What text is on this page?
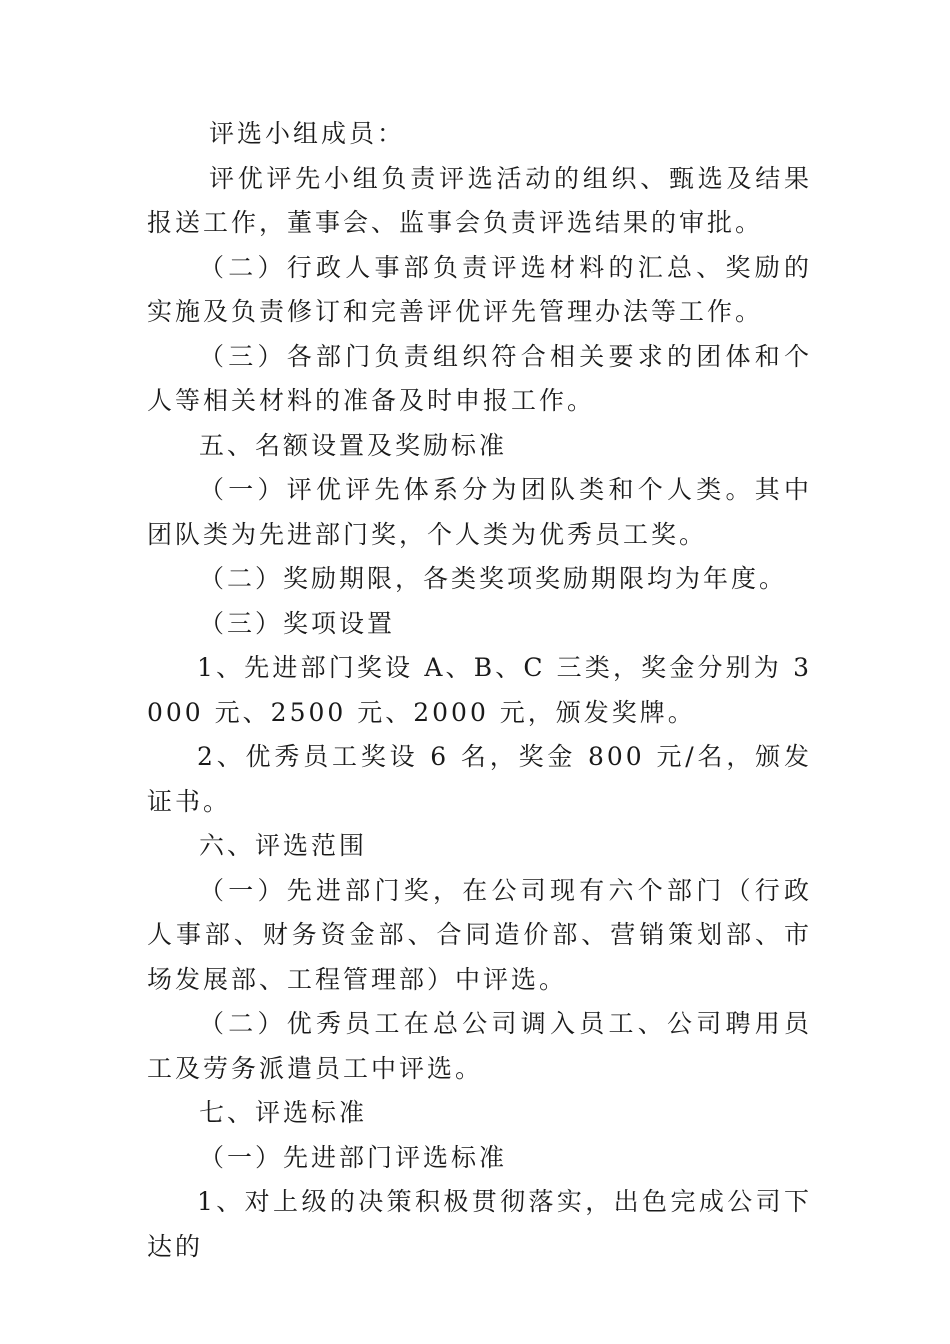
评选小组成员：

评优评先小组负责评选活动的组织、甄选及结果报送工作，董事会、监事会负责评选结果的审批。

（二）行政人事部负责评选材料的汇总、奖励的实施及负责修订和完善评优评先管理办法等工作。

（三）各部门负责组织符合相关要求的团体和个人等相关材料的准备及时申报工作。

五、名额设置及奖励标准

（一）评优评先体系分为团队类和个人类。其中团队类为先进部门奖，个人类为优秀员工奖。

（二）奖励期限，各类奖项奖励期限均为年度。

（三）奖项设置

1、先进部门奖设 A、B、C 三类，奖金分别为 3000 元、2500 元、2000 元，颁发奖牌。

2、优秀员工奖设 6 名，奖金 800 元/名，颁发证书。

六、评选范围

（一）先进部门奖，在公司现有六个部门（行政人事部、财务资金部、合同造价部、营销策划部、市场发展部、工程管理部）中评选。

（二）优秀员工在总公司调入员工、公司聘用员工及劳务派遣员工中评选。

七、评选标准

（一）先进部门评选标准

1、对上级的决策积极贯彻落实，出色完成公司下达的
